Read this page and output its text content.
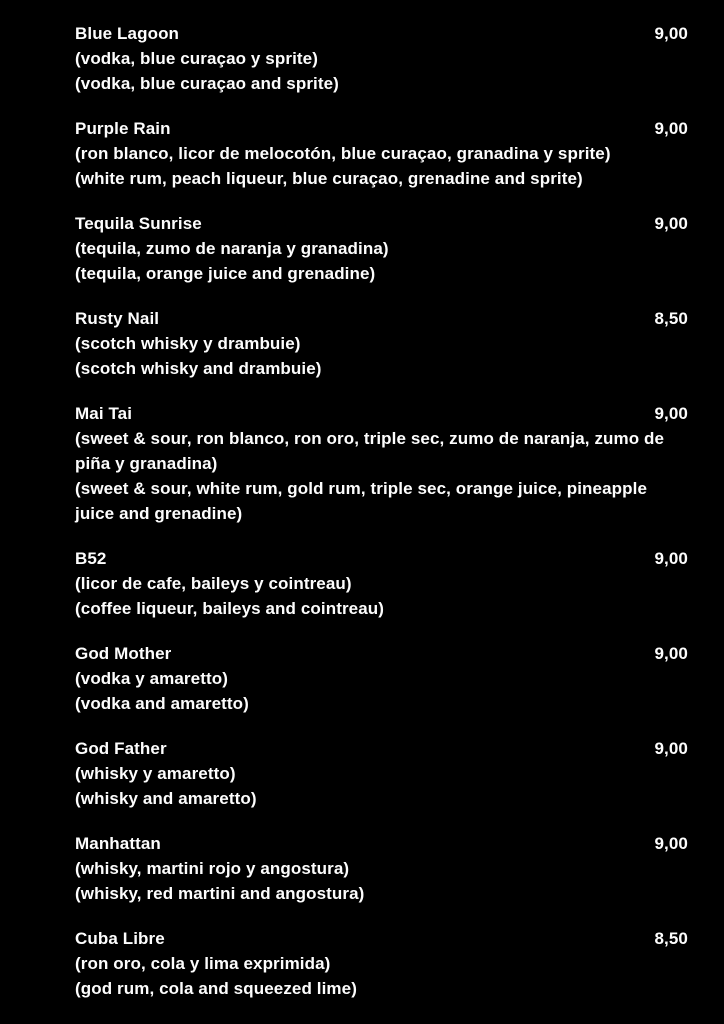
Blue Lagoon	9,00
(vodka, blue curaçao y sprite)
(vodka, blue curaçao and sprite)
Purple Rain	9,00
(ron blanco, licor de melocotón, blue curaçao, granadina y sprite)
(white rum, peach liqueur, blue curaçao, grenadine and sprite)
Tequila Sunrise	9,00
(tequila, zumo de naranja y granadina)
(tequila, orange juice and grenadine)
Rusty Nail	8,50
(scotch whisky y drambuie)
(scotch whisky and drambuie)
Mai Tai	9,00
(sweet & sour, ron blanco, ron oro, triple sec, zumo de naranja, zumo de piña y granadina)
(sweet & sour, white rum, gold rum, triple sec, orange juice, pineapple juice and grenadine)
B52	9,00
(licor de cafe, baileys y cointreau)
(coffee liqueur, baileys and cointreau)
God Mother	9,00
(vodka y amaretto)
(vodka and amaretto)
God Father	9,00
(whisky y amaretto)
(whisky and amaretto)
Manhattan	9,00
(whisky, martini rojo y angostura)
(whisky, red martini and angostura)
Cuba Libre	8,50
(ron oro, cola y lima exprimida)
(god rum, cola and squeezed lime)
